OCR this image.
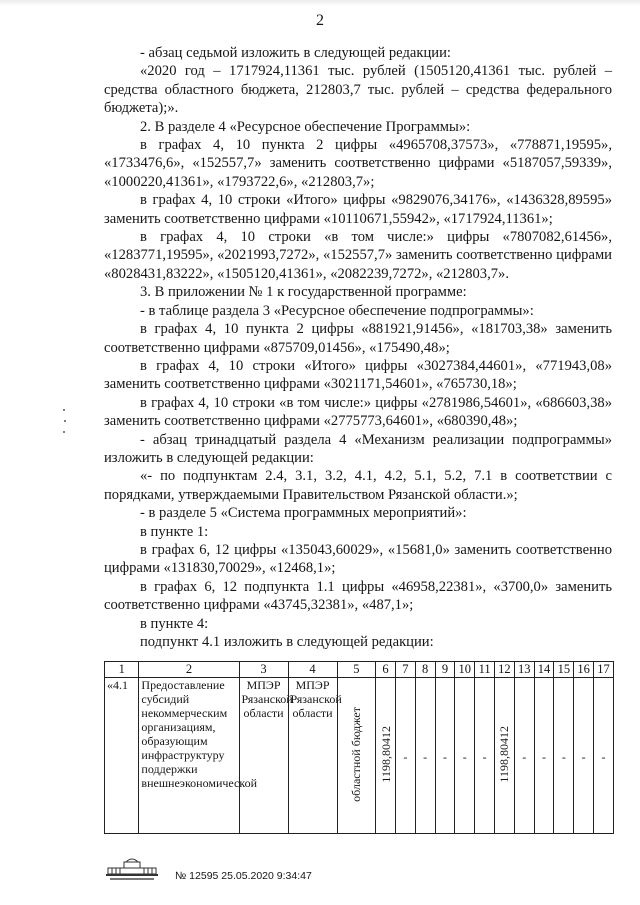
2

- абзац седьмой изложить в следующей редакции:

«2020 год – 1717924,11361 тыс. рублей (1505120,41361 тыс. рублей – средства областного бюджета, 212803,7 тыс. рублей – средства федерального бюджета);».

2. В разделе 4 «Ресурсное обеспечение Программы»:

в графах 4, 10 пункта 2 цифры «4965708,37573», «778871,19595», «1733476,6», «152557,7» заменить соответственно цифрами «5187057,59339», «1000220,41361», «1793722,6», «212803,7»;

в графах 4, 10 строки «Итого» цифры «9829076,34176», «1436328,89595» заменить соответственно цифрами «10110671,55942», «1717924,11361»;

в графах 4, 10 строки «в том числе:» цифры «7807082,61456», «1283771,19595», «2021993,7272», «152557,7» заменить соответственно цифрами «8028431,83222», «1505120,41361», «2082239,7272», «212803,7».

3. В приложении № 1 к государственной программе:

- в таблице раздела 3 «Ресурсное обеспечение подпрограммы»:

в графах 4, 10 пункта 2 цифры «881921,91456», «181703,38» заменить соответственно цифрами «875709,01456», «175490,48»;

в графах 4, 10 строки «Итого» цифры «3027384,44601», «771943,08» заменить соответственно цифрами «3021171,54601», «765730,18»;

в графах 4, 10 строки «в том числе:» цифры «2781986,54601», «686603,38» заменить соответственно цифрами «2775773,64601», «680390,48»;

- абзац тринадцатый раздела 4 «Механизм реализации подпрограммы» изложить в следующей редакции:

«- по подпунктам 2.4, 3.1, 3.2, 4.1, 4.2, 5.1, 5.2, 7.1 в соответствии с порядками, утверждаемыми Правительством Рязанской области.»;

- в разделе 5 «Система программных мероприятий»:

в пункте 1:

в графах 6, 12 цифры «135043,60029», «15681,0» заменить соответственно цифрами «131830,70029», «12468,1»;

в графах 6, 12 подпункта 1.1 цифры «46958,22381», «3700,0» заменить соответственно цифрами «43745,32381», «487,1»;

в пункте 4:

подпункт 4.1 изложить в следующей редакции:

1	2	3	4	5	6	7	8	9	10	11	12	13	14	15	16	17
«4.1	Предоставление субсидий некоммерческим организациям, образующим инфраструктуру поддержки внешнеэкономической	МПЭР Рязанской области	МПЭР Рязанской области	областной бюджет	1198,80412	-	-	-	-	-	1198,80412	-	-	-	-	-
№ 12595 25.05.2020 9:34:47
